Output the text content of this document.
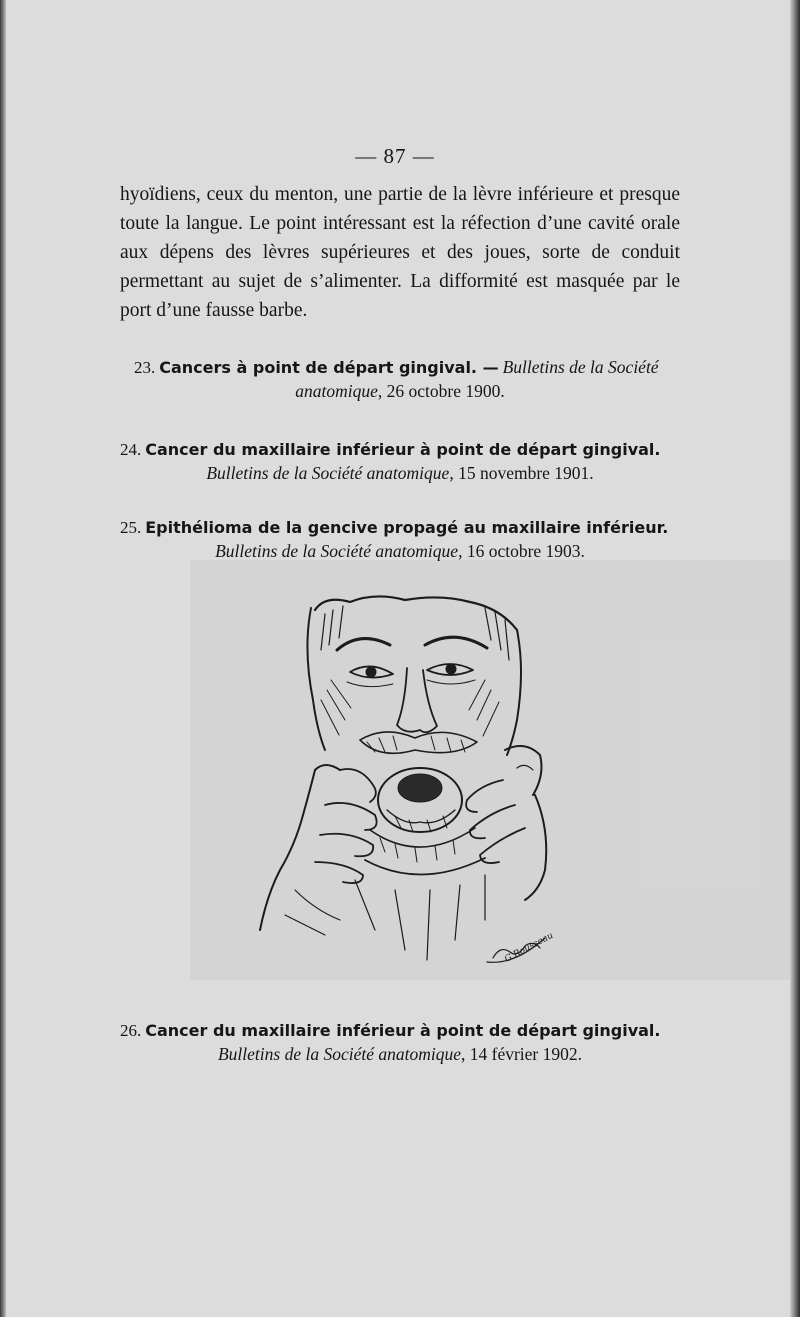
— 87 —
hyoïdiens, ceux du menton, une partie de la lèvre inférieure et presque toute la langue. Le point intéressant est la réfection d’une cavité orale aux dépens des lèvres supérieures et des joues, sorte de conduit permettant au sujet de s’alimenter. La difformité est masquée par le port d’une fausse barbe.
23. Cancers à point de départ gingival. — Bulletins de la Société
anatomique, 26 octobre 1900.
24. Cancer du maxillaire inférieur à point de départ gingival.
Bulletins de la Société anatomique, 15 novembre 1901.
25. Epithélioma de la gencive propagé au maxillaire inférieur.
Bulletins de la Société anatomique, 16 octobre 1903.
G.Rousseau
26. Cancer du maxillaire inférieur à point de départ gingival.
Bulletins de la Société anatomique, 14 février 1902.
